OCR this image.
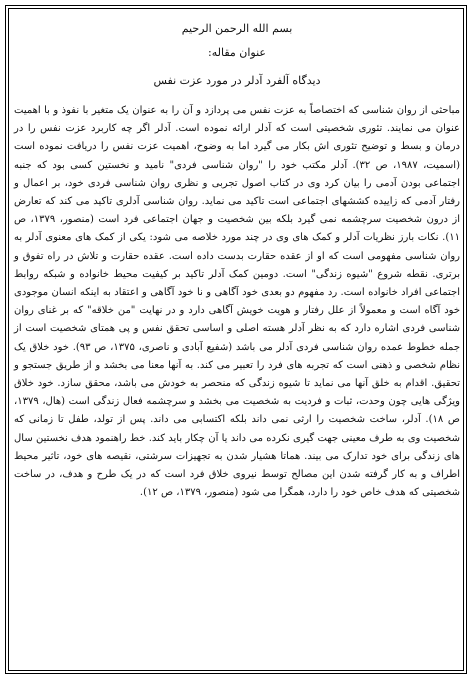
بسم الله الرحمن الرحیم

عنوان مقاله:

دیدگاه آلفرد آدلر در مورد عزت نفس

مباحثی از روان شناسی که اختصاصاً به عزت نفس می پردازد و آن را به عنوان یک متغیر با نفوذ و با اهمیت عنوان می نمایند. تئوری شخصیتی است که آدلر ارائه نموده است. آدلر اگر چه کاربرد عزت نفس را در درمان و بسط و توضیح تئوری اش بکار می گیرد اما به وضوح، اهمیت عزت نفس را دریافت نموده است (اسمیت، ۱۹۸۷، ص ۳۲). آدلر مکتب خود را "روان شناسی فردی" نامید و نخستین کسی بود که جنبه اجتماعی بودن آدمی را بیان کرد وی در کتاب اصول تجربی و نظری روان شناسی فردی خود، بر اعمال و رفتار آدمی که زاییده کششهای اجتماعی است تاکید می نماید. روان شناسی آدلری تاکید می کند که تعارض از درون شخصیت سرچشمه نمی گیرد بلکه بین شخصیت و جهان اجتماعی فرد است (منصور، ۱۳۷۹، ص ۱۱). نکات بارز نظریات آدلر و کمک های وی در چند مورد خلاصه می شود: یکی از کمک های معنوی آدلر به روان شناسی مفهومی است که او از عقده حقارت بدست داده است. عقده حقارت و تلاش در راه تفوق و برتری. نقطه شروع "شیوه زندگی" است. دومین کمک آدلر تاکید بر کیفیت محیط خانواده و شبکه روابط اجتماعی افراد خانواده است. رد مفهوم دو بعدی خود آگاهی و نا خود آگاهی و اعتقاد به اینکه انسان موجودی خود آگاه است و معمولاً از علل رفتار و هویت خویش آگاهی دارد و در نهایت "من خلاقه" که بر غنای روان شناسی فردی اشاره دارد که به نظر آدلر هسته اصلی و اساسی تحقق نفس و پی همتای شخصیت است از جمله خطوط عمده روان شناسی فردی آدلر می باشد (شفیع آبادی و ناصری، ۱۳۷۵، ص ۹۳). خود خلاق یک نظام شخصی و ذهنی است که تجربه های فرد را تعبیر می کند. به آنها معنا می بخشد و از طریق جستجو و تحقیق. اقدام به خلق آنها می نماید تا شیوه زندگی که منحصر به خودش می باشد، محقق سازد. خود خلاق ویژگی هایی چون وحدت، ثبات و فردیت به شخصیت می بخشد و سرچشمه فعال زندگی است (هال، ۱۳۷۹، ص ۱۸). آدلر، ساخت شخصیت را ارثی نمی داند بلکه اکتسابی می داند. پس از تولد، طفل تا زمانی که شخصیت وی به طرف معینی جهت گیری نکرده می داند یا آن چکار باید کند. خط راهنمود هدف نخستین سال های زندگی برای خود تدارک می بیند. هماتا هشیار شدن به تجهیزات سرشتی، نقیصه های خود، تاثیر محیط اطراف و به کار گرفته شدن این مصالح توسط نیروی خلاق فرد است که در یک طرح و هدف، در ساخت شخصیتی که هدف خاص خود را دارد، همگرا می شود (منصور، ۱۳۷۹، ص ۱۲).
